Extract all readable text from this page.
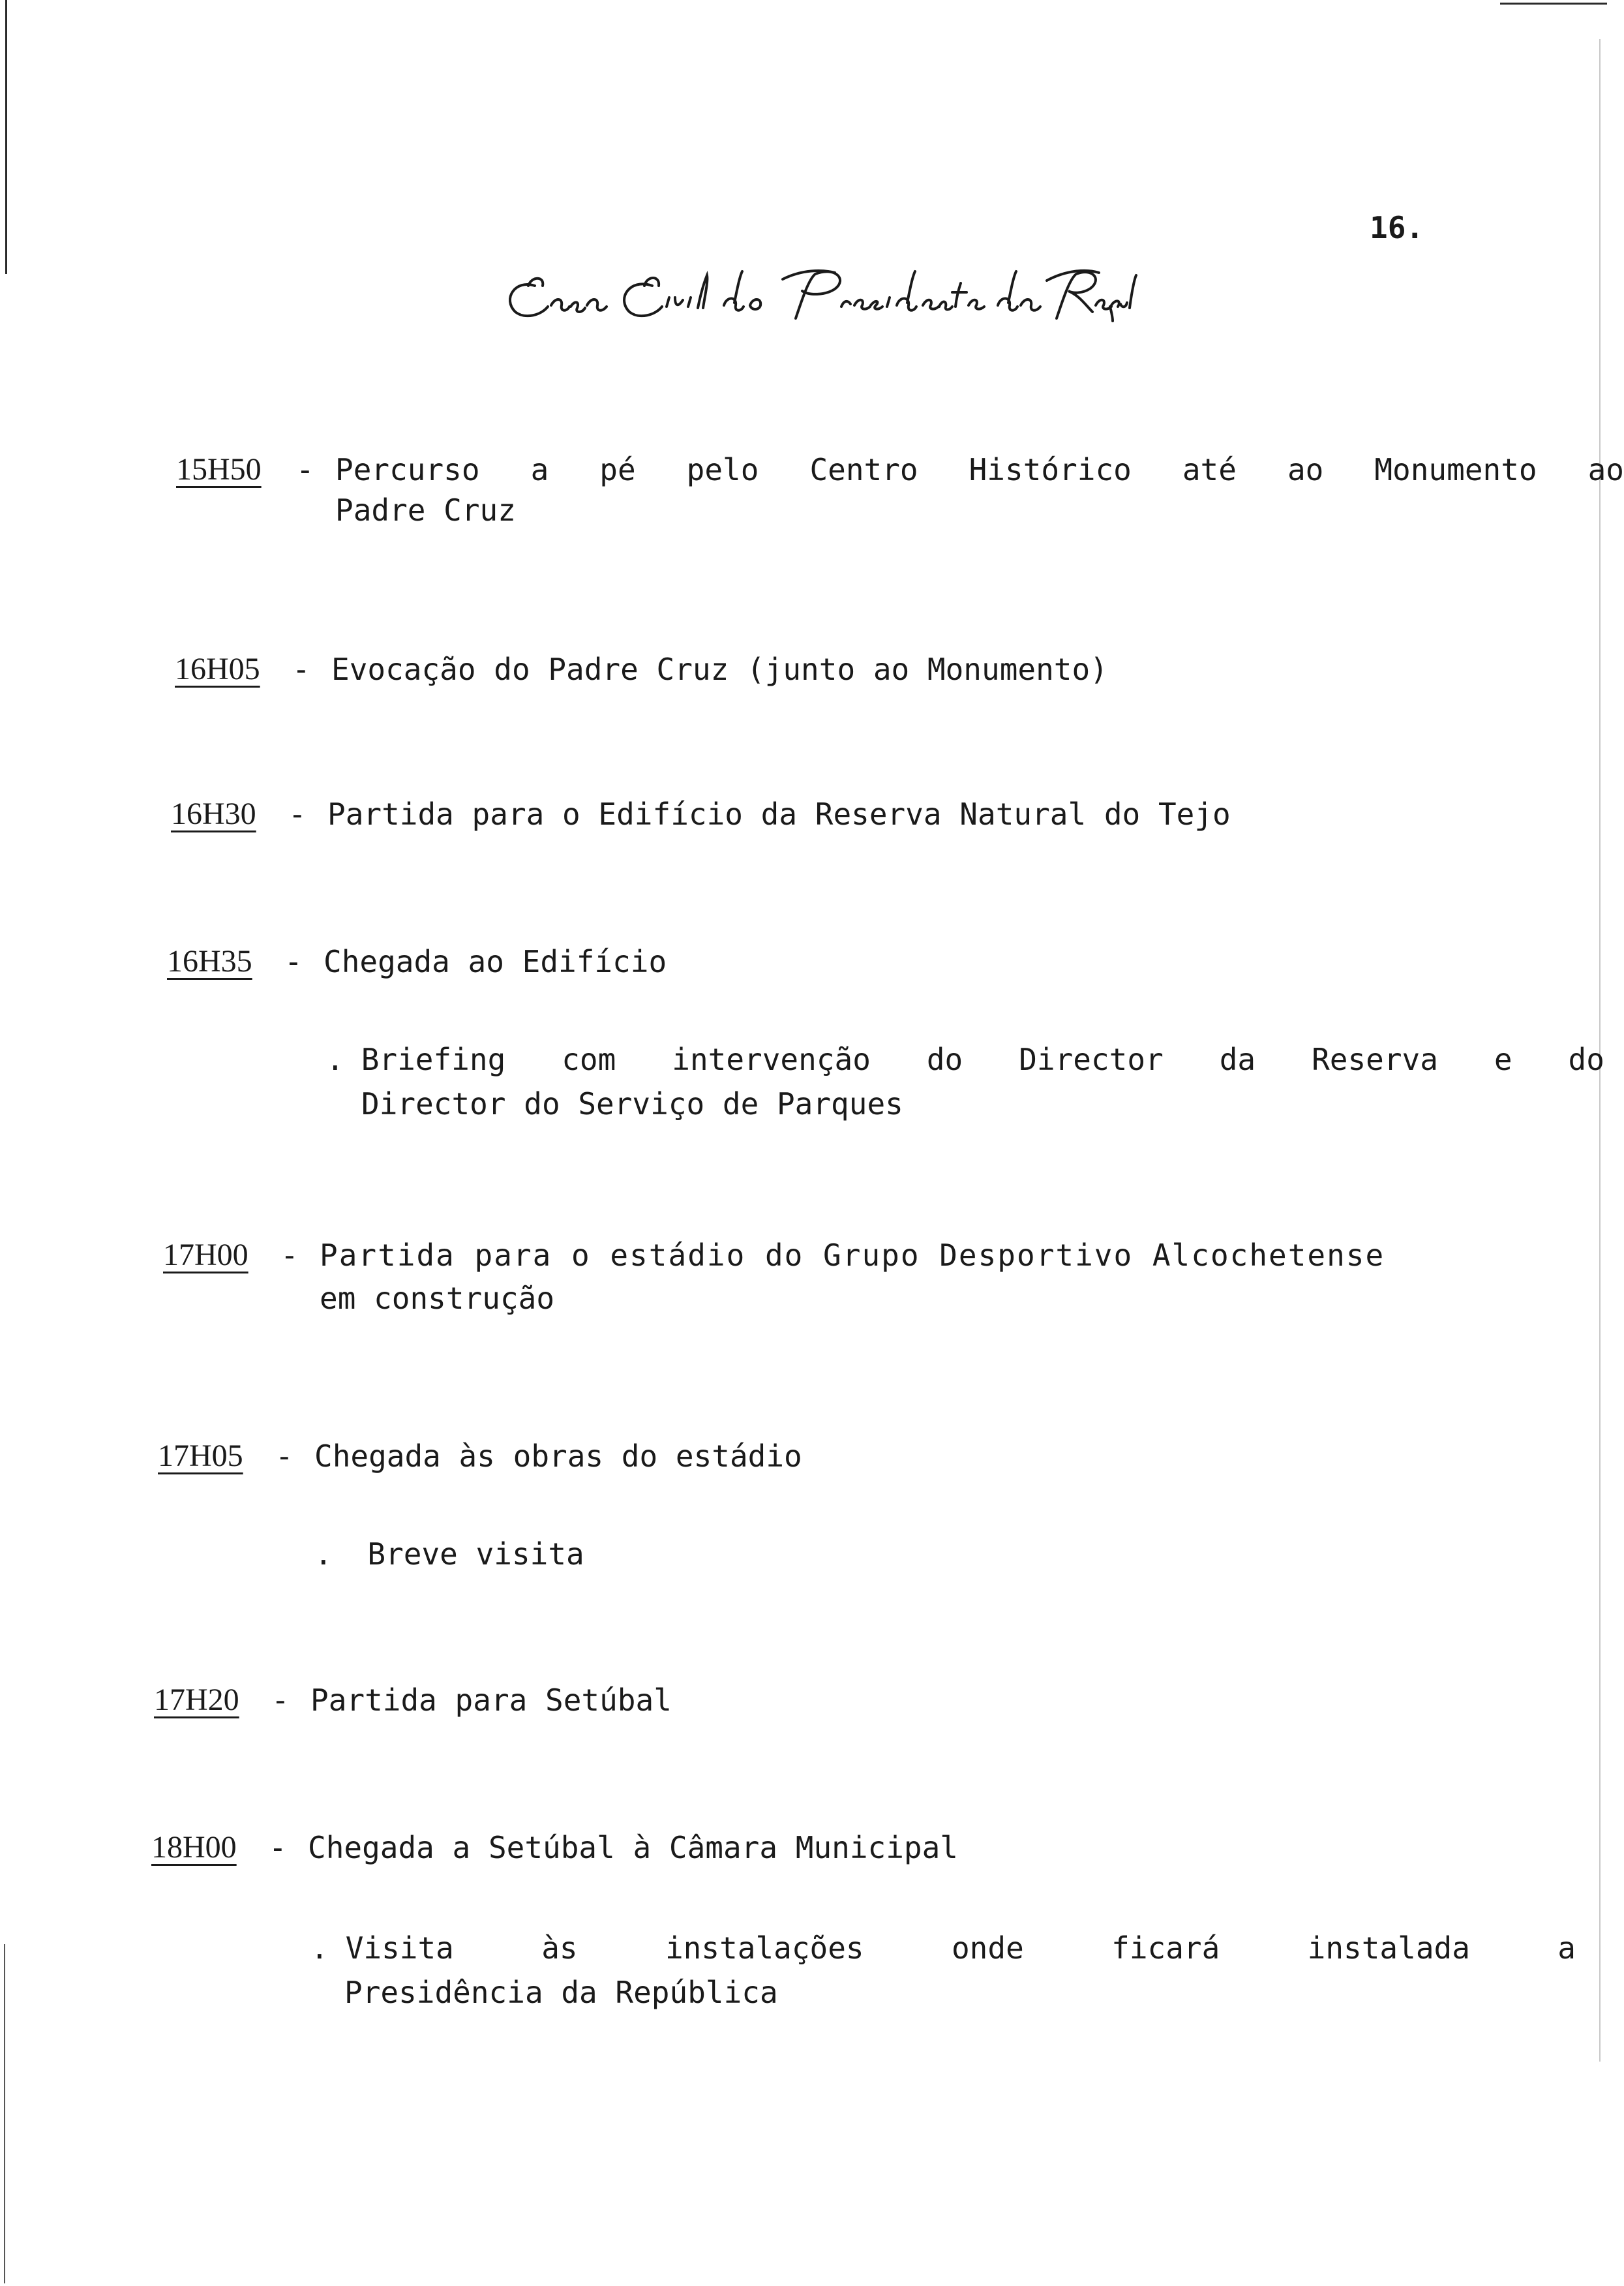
16.
15H50 - Percurso a pé pelo Centro Histórico até ao Monumento ao
Padre Cruz
16H05 - Evocação do Padre Cruz (junto ao Monumento)
16H30 - Partida para o Edifício da Reserva Natural do Tejo
16H35 - Chegada ao Edifício
. Briefing com intervenção do Director da Reserva e do
Director do Serviço de Parques
17H00 - Partida para o estádio do Grupo Desportivo Alcochetense
em construção
17H05 - Chegada às obras do estádio
. Breve visita
17H20 - Partida para Setúbal
18H00 - Chegada a Setúbal à Câmara Municipal
. Visita	às	instalações	onde	ficará	instalada	a
Presidência da República
